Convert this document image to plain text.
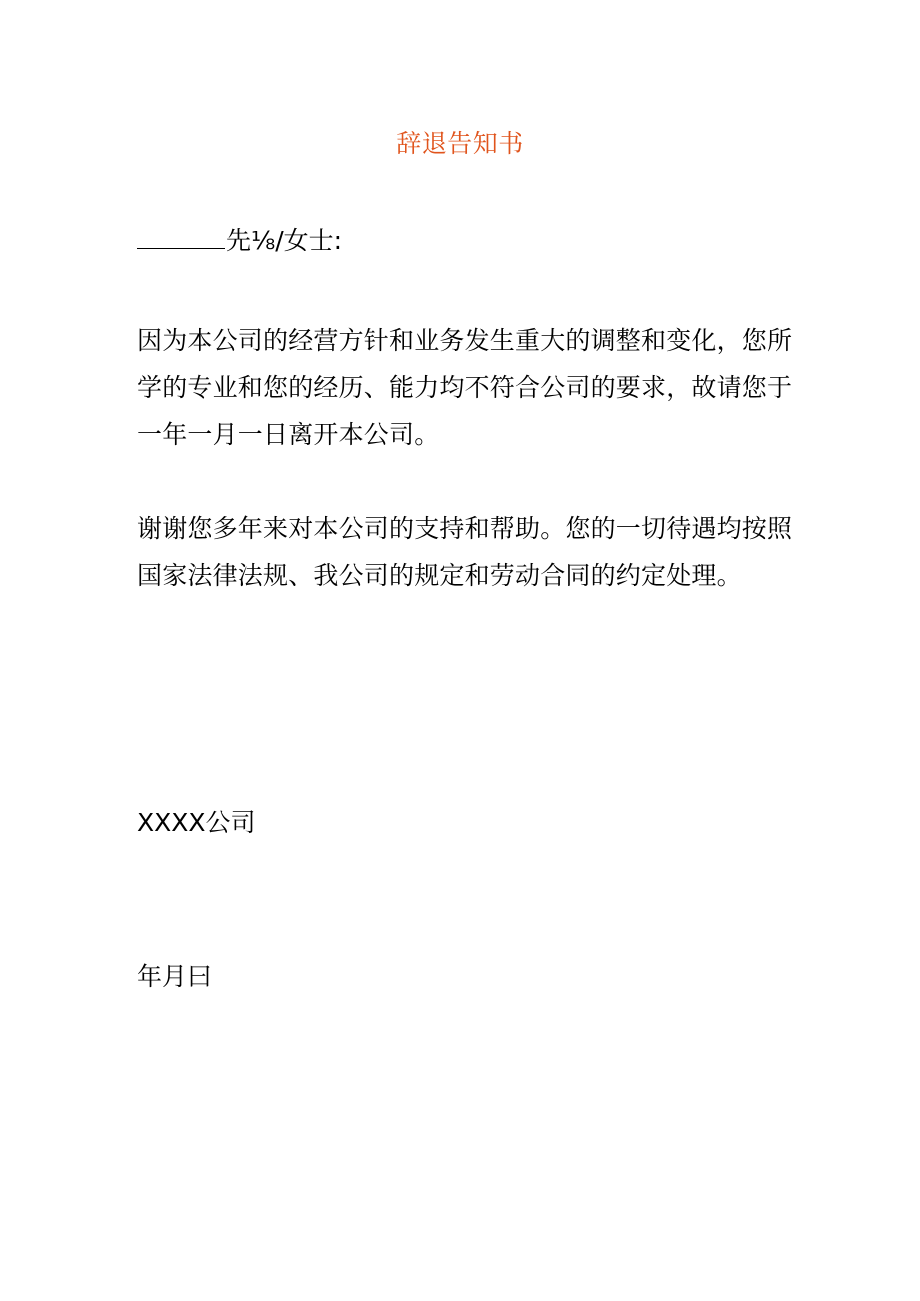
辞退告知书
先⅛/女士:
因为本公司的经营方针和业务发生重大的调整和变化，您所
学的专业和您的经历、能力均不符合公司的要求，故请您于
一年一月一日离开本公司。
谢谢您多年来对本公司的支持和帮助。您的一切待遇均按照
国家法律法规、我公司的规定和劳动合同的约定处理。
XXXX公司
年月曰
